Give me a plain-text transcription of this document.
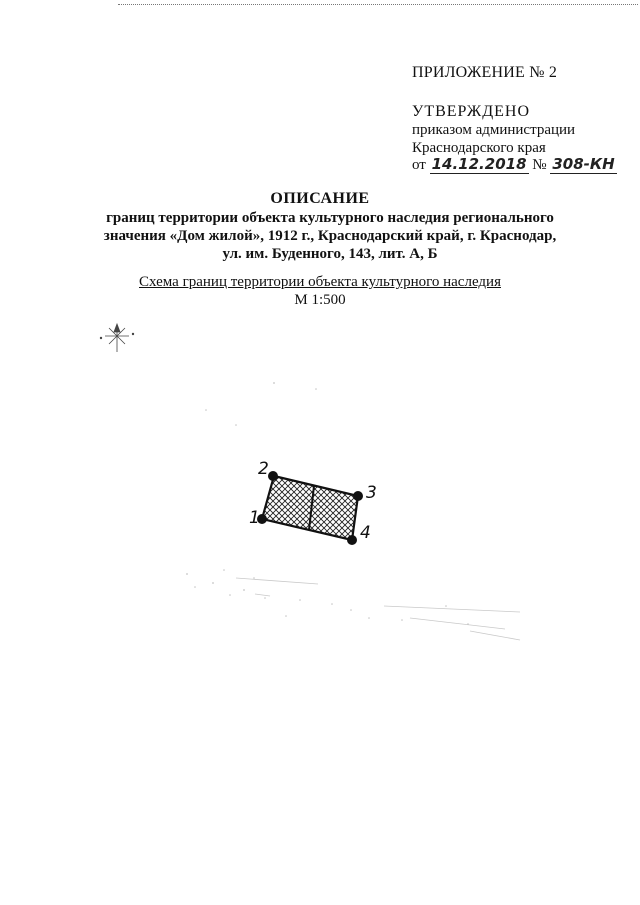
ПРИЛОЖЕНИЕ № 2
УТВЕРЖДЕНО
приказом администрации
Краснодарского края
от 14.12.2018 № 308-КН
ОПИСАНИЕ
границ территории объекта культурного наследия регионального
значения «Дом жилой», 1912 г., Краснодарский край, г. Краснодар,
ул. им. Буденного, 143, лит. А, Б
Схема границ территории объекта культурного наследия
М 1:500
1
2
3
4
